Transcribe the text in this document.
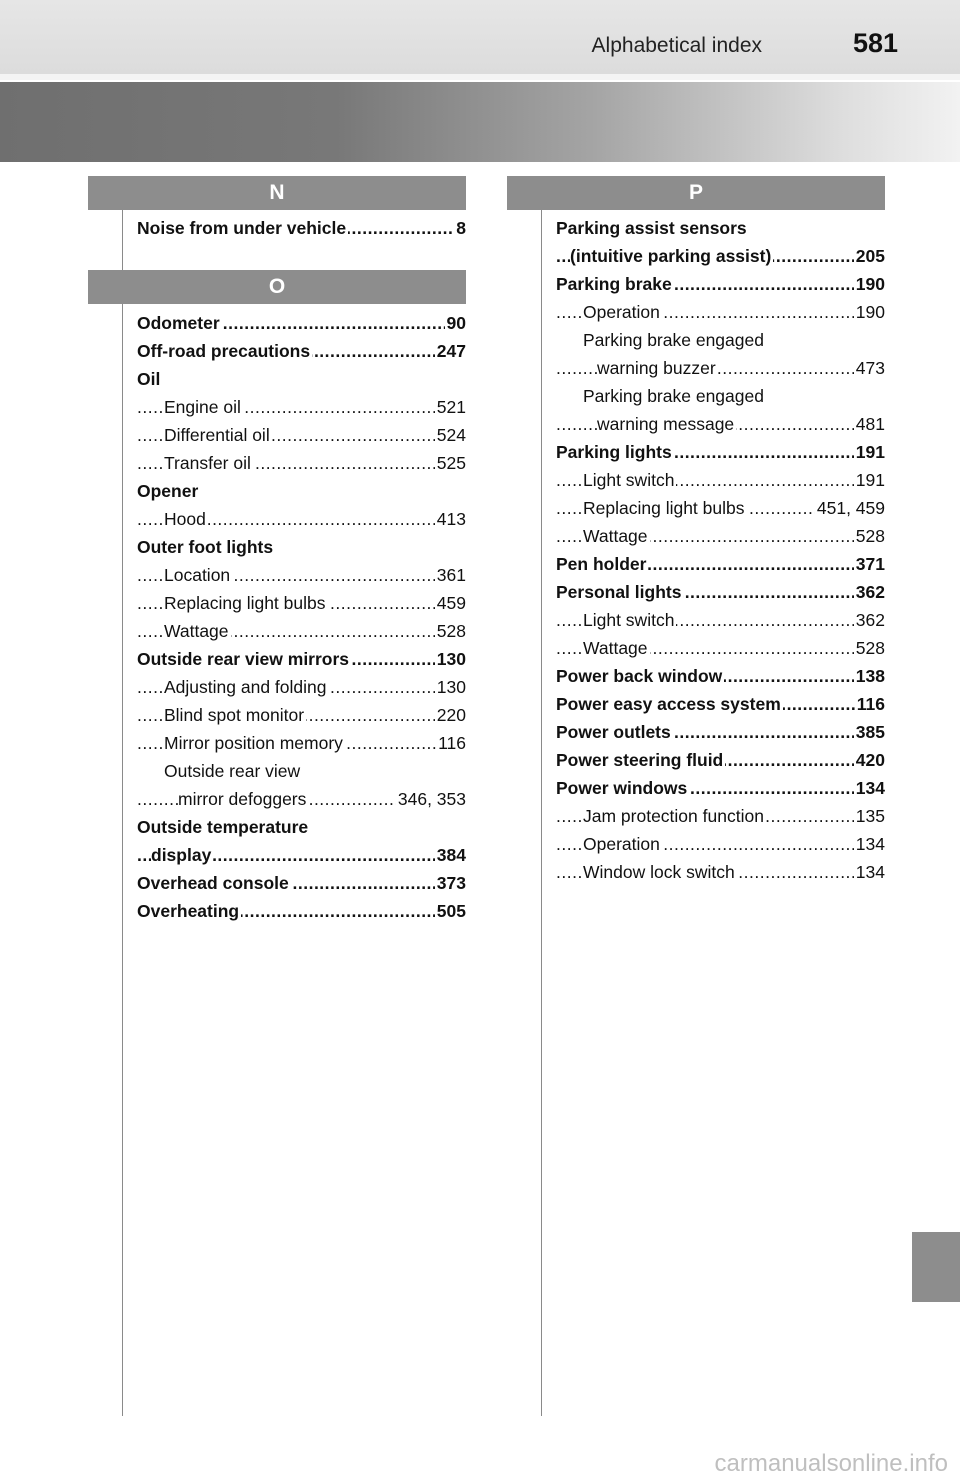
Alphabetical index	581
N
Noise from under vehicle	8
.....
O
Odometer	90
.....
Off-road precautions	247
.....
Oil
Engine oil	521
.....
Differential oil	524
.....
Transfer oil	525
.....
Opener
Hood	413
.....
Outer foot lights
Location	361
.....
Replacing light bulbs	459
.....
Wattage	528
.....
Outside rear view mirrors	130
.....
Adjusting and folding	130
.....
Blind spot monitor	220
.....
Mirror position memory	116
.....
Outside rear view
mirror defoggers	346, 353
.....
Outside temperature
display	384
.....
Overhead console	373
.....
Overheating	505
.....
P
Parking assist sensors
(intuitive parking assist)	205
.....
Parking brake	190
.....
Operation	190
.....
Parking brake engaged
warning buzzer	473
.....
Parking brake engaged
warning message	481
.....
Parking lights	191
.....
Light switch	191
.....
Replacing light bulbs	451, 459
.....
Wattage	528
.....
Pen holder	371
.....
Personal lights	362
.....
Light switch	362
.....
Wattage	528
.....
Power back window	138
.....
Power easy access system	116
.....
Power outlets	385
.....
Power steering fluid	420
.....
Power windows	134
.....
Jam protection function	135
.....
Operation	134
.....
Window lock switch	134
.....
carmanualsonline.info
